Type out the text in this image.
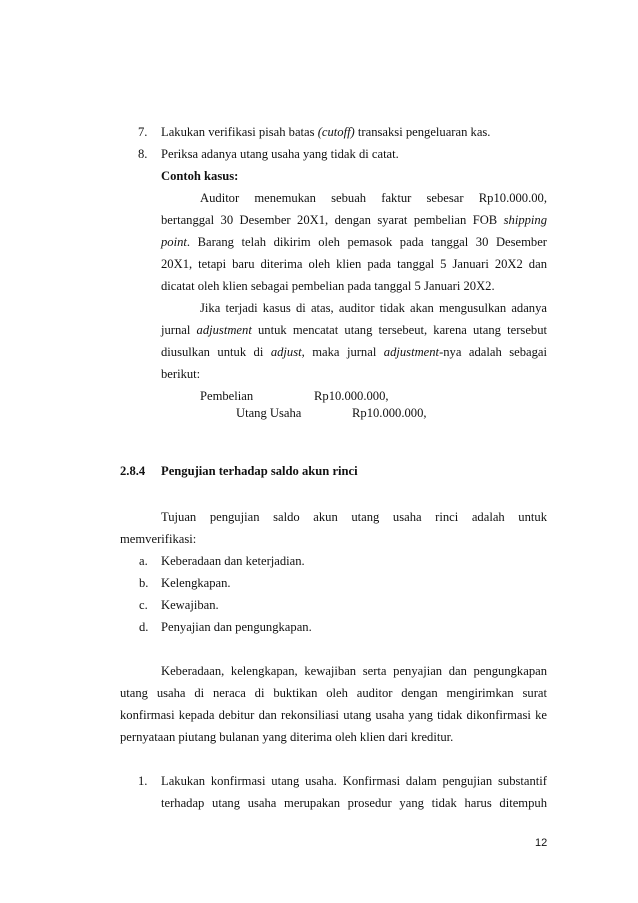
7. Lakukan verifikasi pisah batas (cutoff) transaksi pengeluaran kas.
8. Periksa adanya utang usaha yang tidak di catat.
Contoh kasus:
Auditor menemukan sebuah faktur sebesar Rp10.000.00,
bertanggal 30 Desember 20X1, dengan syarat pembelian FOB shipping
point. Barang telah dikirim oleh pemasok pada tanggal 30 Desember
20X1, tetapi baru diterima oleh klien pada tanggal 5 Januari 20X2 dan
dicatat oleh klien sebagai pembelian pada tanggal 5 Januari 20X2.
Jika terjadi kasus di atas, auditor tidak akan mengusulkan adanya
jurnal adjustment untuk mencatat utang tersebeut, karena utang tersebut
diusulkan untuk di adjust, maka jurnal adjustment-nya adalah sebagai
berikut:
Pembelian	Rp10.000.000,
Utang Usaha	Rp10.000.000,
2.8.4 Pengujian terhadap saldo akun rinci
Tujuan pengujian saldo akun utang usaha rinci adalah untuk
memverifikasi:
a. Keberadaan dan keterjadian.
b. Kelengkapan.
c. Kewajiban.
d. Penyajian dan pengungkapan.
Keberadaan, kelengkapan, kewajiban serta penyajian dan pengungkapan
utang usaha di neraca di buktikan oleh auditor dengan mengirimkan surat
konfirmasi kepada debitur dan rekonsiliasi utang usaha yang tidak dikonfirmasi ke
pernyataan piutang bulanan yang diterima oleh klien dari kreditur.
1. Lakukan konfirmasi utang usaha. Konfirmasi dalam pengujian substantif
terhadap utang usaha merupakan prosedur yang tidak harus ditempuh
12
